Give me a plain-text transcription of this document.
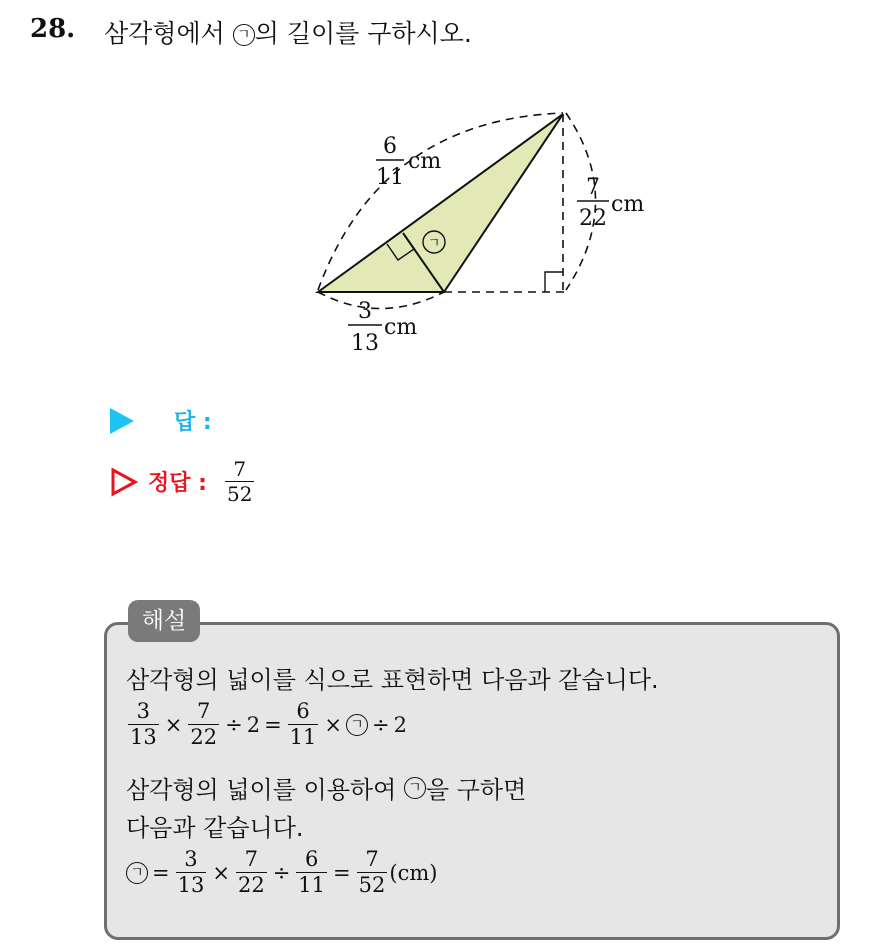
28. 삼각형에서 ㄱ 의 길이를 구하시오.
ㄱ
6
11
cm
7
22
cm
3
13
cm
답 :
정답 : $\frac{7}{52}$
해설
삼각형의 넓이를 식으로 표현하면 다음과 같습니다.
$\frac{3}{13} \times \frac{7}{22} \div 2 = \frac{6}{11}$ × ㄱ ÷ 2
삼각형의 넓이를 이용하여
ㄱ 을 구하면
다음과 같습니다.
ㄱ = $\frac{3}{13} \times \frac{7}{22} \div \frac{6}{11} = \frac{7}{52} (cm)$
